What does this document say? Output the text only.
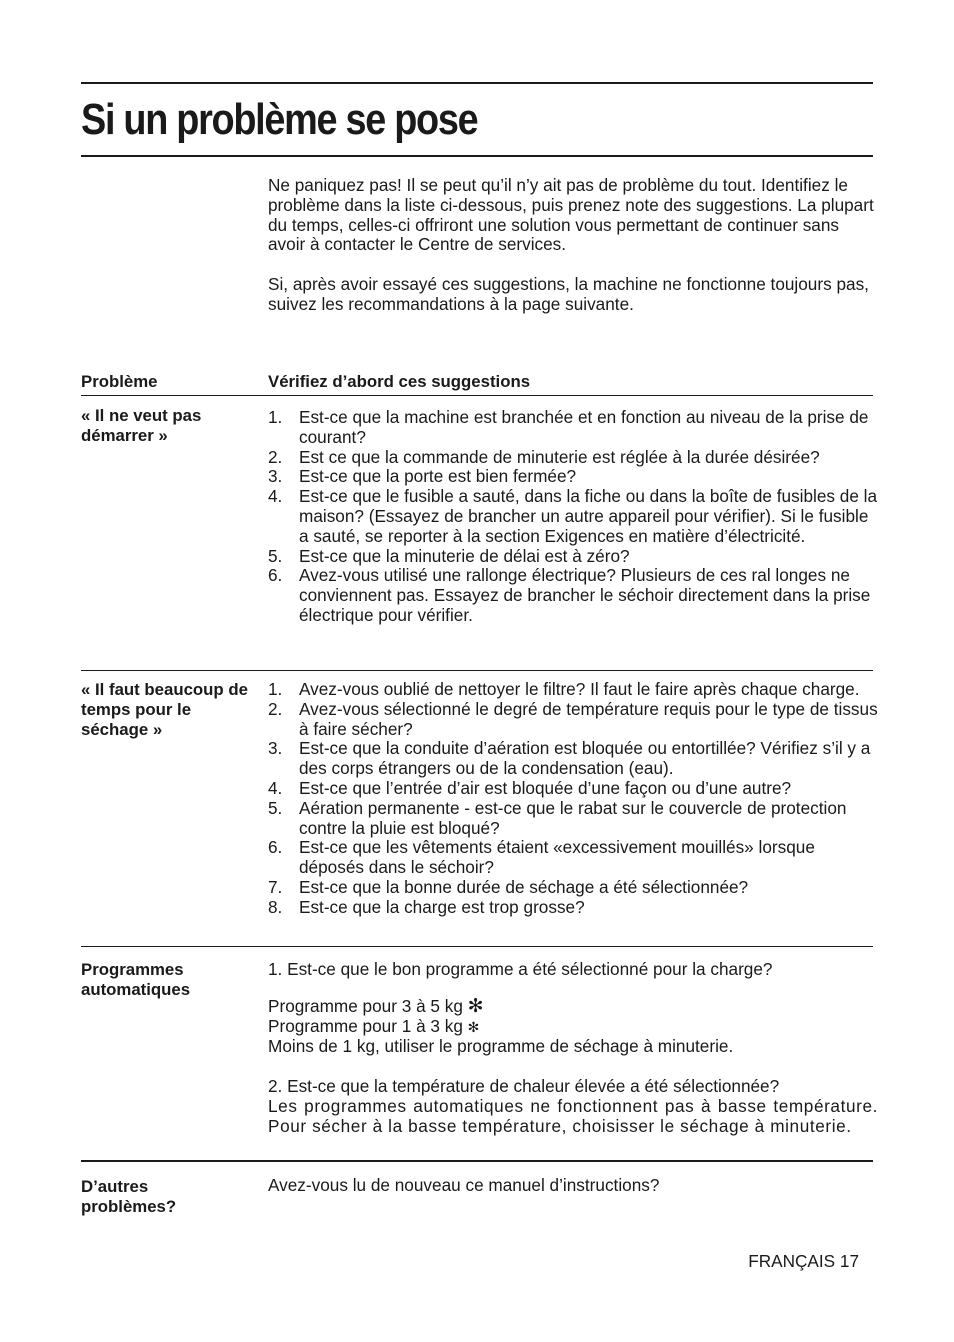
Si un problème se pose

Ne paniquez pas! Il se peut qu’il n’y ait pas de problème du tout. Identifiez le problème dans la liste ci-dessous, puis prenez note des suggestions. La plupart du temps, celles-ci offriront une solution vous permettant de continuer sans avoir à contacter le Centre de services.

Si, après avoir essayé ces suggestions, la machine ne fonctionne toujours pas, suivez les recommandations à la page suivante.

Problème	Vérifiez d’abord ces suggestions
« Il ne veut pas démarrer »
1. Est-ce que la machine est branchée et en fonction au niveau de la prise de courant?
2. Est ce que la commande de minuterie est réglée à la durée désirée?
3. Est-ce que la porte est bien fermée?
4. Est-ce que le fusible a sauté, dans la fiche ou dans la boîte de fusibles de la maison? (Essayez de brancher un autre appareil pour vérifier). Si le fusible a sauté, se reporter à la section Exigences en matière d’électricité.
5. Est-ce que la minuterie de délai est à zéro?
6. Avez-vous utilisé une rallonge électrique? Plusieurs de ces ral longes ne conviennent pas. Essayez de brancher le séchoir directement dans la prise électrique pour vérifier.
« Il faut beaucoup de temps pour le séchage »
1. Avez-vous oublié de nettoyer le filtre? Il faut le faire après chaque charge.
2. Avez-vous sélectionné le degré de température requis pour le type de tissus à faire sécher?
3. Est-ce que la conduite d’aération est bloquée ou entortillée? Vérifiez s’il y a des corps étrangers ou de la condensation (eau).
4. Est-ce que l’entrée d’air est bloquée d’une façon ou d’une autre?
5. Aération permanente - est-ce que le rabat sur le couvercle de protection contre la pluie est bloqué?
6. Est-ce que les vêtements étaient «excessivement mouillés» lorsque déposés dans le séchoir?
7. Est-ce que la bonne durée de séchage a été sélectionnée?
8. Est-ce que la charge est trop grosse?
Programmes automatiques

1. Est-ce que le bon programme a été sélectionné pour la charge?

Programme pour 3 à 5 kg ✻

Programme pour 1 à 3 kg ✻

Moins de 1 kg, utiliser le programme de séchage à minuterie.

2. Est-ce que la température de chaleur élevée a été sélectionnée?

Les programmes automatiques ne fonctionnent pas à basse température. Pour sécher à la basse température, choisisser le séchage à minuterie.

D’autres problèmes?
Avez-vous lu de nouveau ce manuel d’instructions?
FRANÇAIS 17
